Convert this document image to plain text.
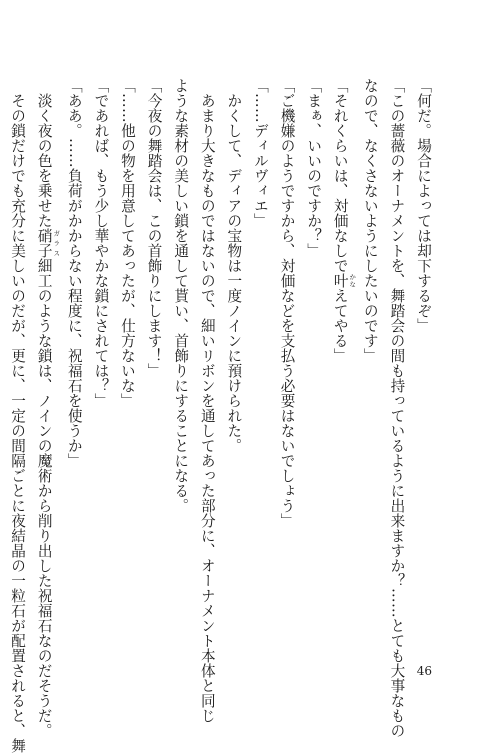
「何だ。場合によっては却下するぞ」

「この薔薇のオーナメントを、舞踏会の間も持っているように出来ますか？……とても大事なもの

なので、なくさないようにしたいのです」

「それくらいは、対価なしで叶 かなえてやる」

「まぁ、いいのですか？」

「ご機嫌のようですから、対価などを支払う必要はないでしょう」

「……ディルヴィエ」

　かくして、ディアの宝物は一度ノインに預けられた。

　あまり大きなものではないので、細いリボンを通してあった部分に、オーナメント本体と同じ

ような素材の美しい鎖を通して貰い、首飾りにすることになる。

「今夜の舞踏会は、この首飾りにします！」

「……他の物を用意してあったが、仕方ないな」

「であれば、もう少し華やかな鎖にされては？」

「ああ。……負荷がかからない程度に、祝福石を使うか」

　淡く夜の色を乗せた硝子 ガラス細工のような鎖は、ノインの魔術から削り出した祝福石なのだそうだ。

　その鎖だけでも充分に美しいのだが、更に、一定の間隔ごとに夜結晶の一粒石が配置されると、舞	46
